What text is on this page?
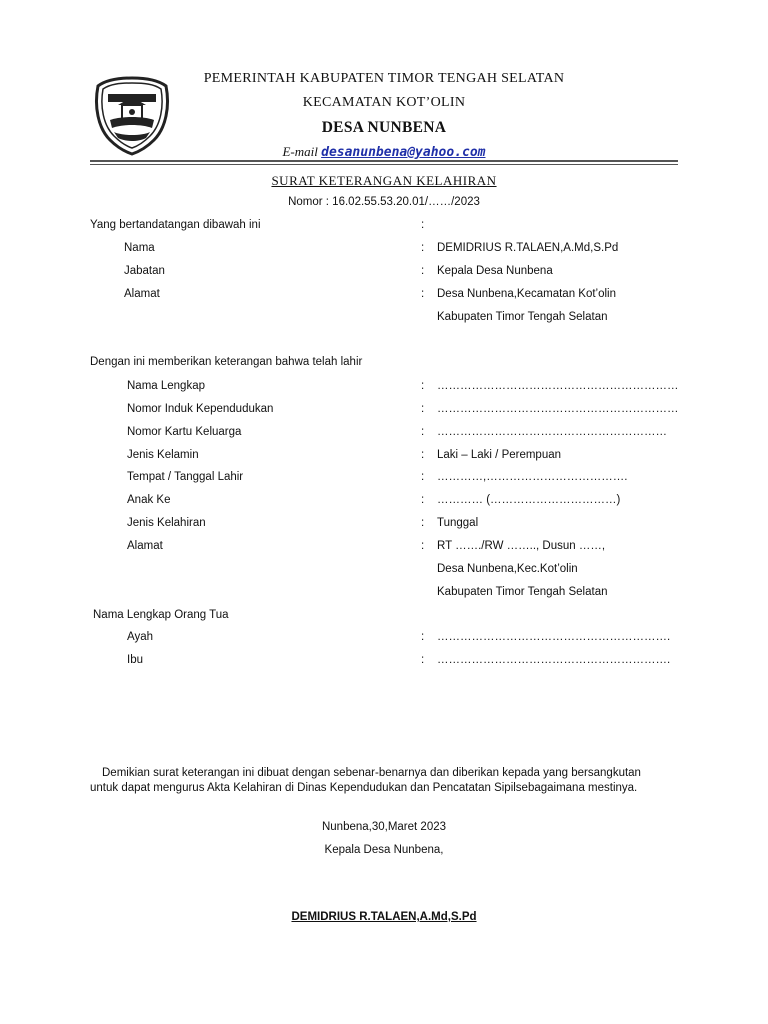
PEMERINTAH KABUPATEN TIMOR TENGAH SELATAN
KECAMATAN KOT’OLIN
DESA NUNBENA
E-mail desanunbena@yahoo.com
SURAT KETERANGAN KELAHIRAN
Nomor : 16.02.55.53.20.01/……/2023
Yang bertandatangan dibawah ini	:
Nama	: DEMIDRIUS R.TALAEN,A.Md,S.Pd
Jabatan	: Kepala Desa Nunbena
Alamat	: Desa Nunbena,Kecamatan Kot’olin
Kabupaten Timor Tengah Selatan
Dengan ini memberikan keterangan bahwa telah lahir
Nama Lengkap	: ………………………………………………………
Nomor Induk Kependudukan	: ………………………………………………………
Nomor Kartu Keluarga	: ……………………………………………………
Jenis Kelamin	: Laki – Laki / Perempuan
Tempat / Tanggal Lahir	: …………,……………………………….
Anak Ke	: ………… (……………………………)
Jenis Kelahiran	: Tunggal
Alamat	: RT ……./RW …….., Dusun ……,
Desa Nunbena,Kec.Kot’olin
Kabupaten Timor Tengah Selatan
Nama Lengkap Orang Tua
Ayah	: …………………………………………………….
Ibu	: …………………………………………………….
Demikian surat keterangan ini dibuat dengan sebenar-benarnya dan diberikan kepada yang bersangkutan untuk dapat mengurus Akta Kelahiran di Dinas Kependudukan dan Pencatatan Sipilsebagaimana mestinya.
Nunbena,30,Maret 2023
Kepala Desa Nunbena,
DEMIDRIUS R.TALAEN,A.Md,S.Pd
